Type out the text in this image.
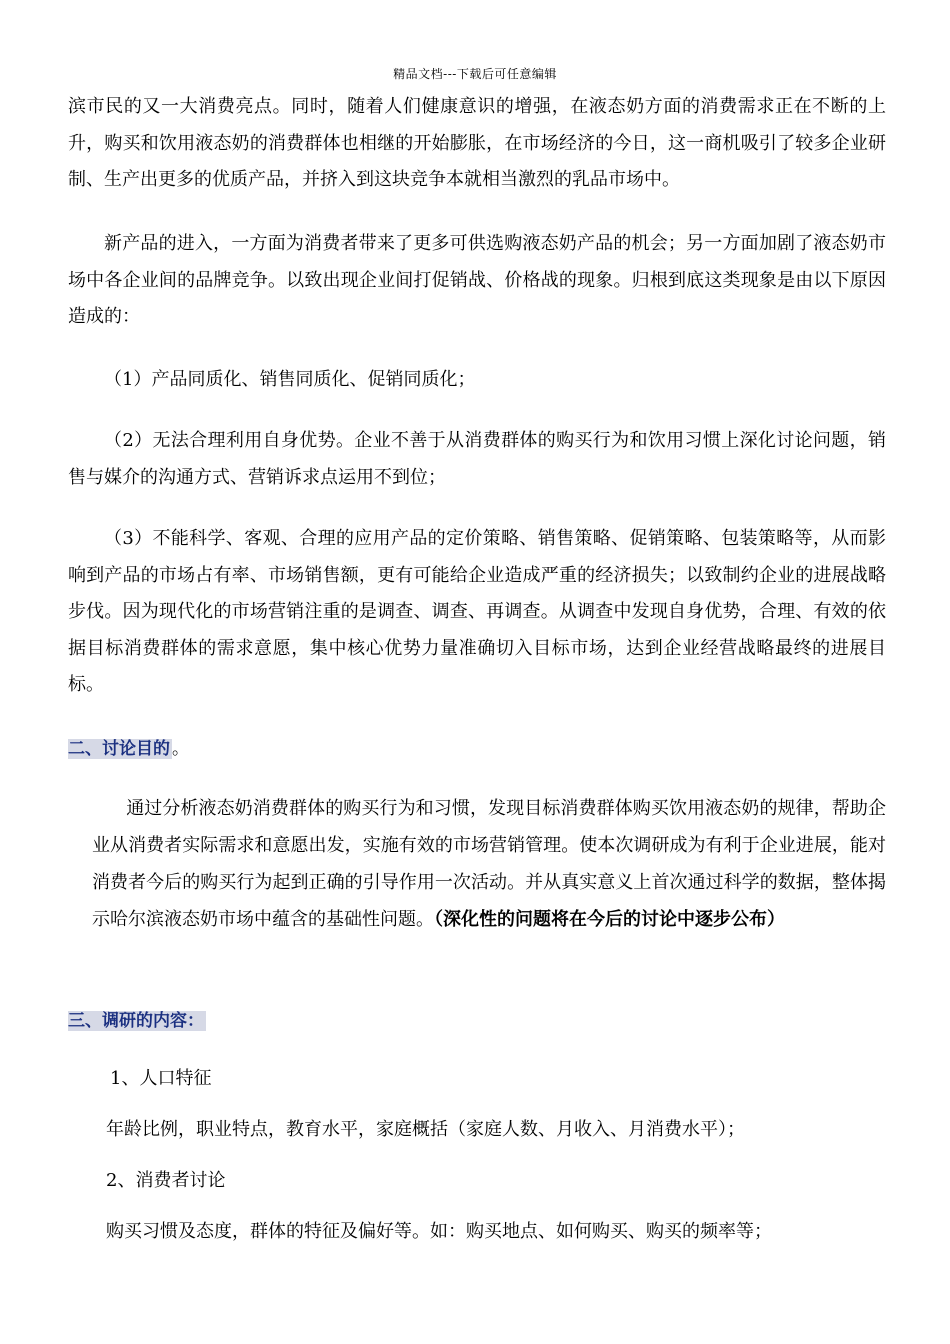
精品文档---下载后可任意编辑
滨市民的又一大消费亮点。同时，随着人们健康意识的增强，在液态奶方面的消费需求正在不断的上升，购买和饮用液态奶的消费群体也相继的开始膨胀，在市场经济的今日，这一商机吸引了较多企业研制、生产出更多的优质产品，并挤入到这块竞争本就相当激烈的乳品市场中。
新产品的进入，一方面为消费者带来了更多可供选购液态奶产品的机会；另一方面加剧了液态奶市场中各企业间的品牌竞争。以致出现企业间打促销战、价格战的现象。归根到底这类现象是由以下原因造成的：
（1）产品同质化、销售同质化、促销同质化；
（2）无法合理利用自身优势。企业不善于从消费群体的购买行为和饮用习惯上深化讨论问题，销售与媒介的沟通方式、营销诉求点运用不到位；
（3）不能科学、客观、合理的应用产品的定价策略、销售策略、促销策略、包装策略等，从而影响到产品的市场占有率、市场销售额，更有可能给企业造成严重的经济损失；以致制约企业的进展战略步伐。因为现代化的市场营销注重的是调查、调查、再调查。从调查中发现自身优势，合理、有效的依据目标消费群体的需求意愿，集中核心优势力量准确切入目标市场，达到企业经营战略最终的进展目标。
二、讨论目的 。
通过分析液态奶消费群体的购买行为和习惯，发现目标消费群体购买饮用液态奶的规律，帮助企业从消费者实际需求和意愿出发，实施有效的市场营销管理。使本次调研成为有利于企业进展，能对消费者今后的购买行为起到正确的引导作用一次活动。并从真实意义上首次通过科学的数据，整体揭示哈尔滨液态奶市场中蕴含的基础性问题。（深化性的问题将在今后的讨论中逐步公布）
三、调研的内容：
1、人口特征
年龄比例，职业特点，教育水平，家庭概括（家庭人数、月收入、月消费水平）；
2、消费者讨论
购买习惯及态度，群体的特征及偏好等。如：购买地点、如何购买、购买的频率等；
